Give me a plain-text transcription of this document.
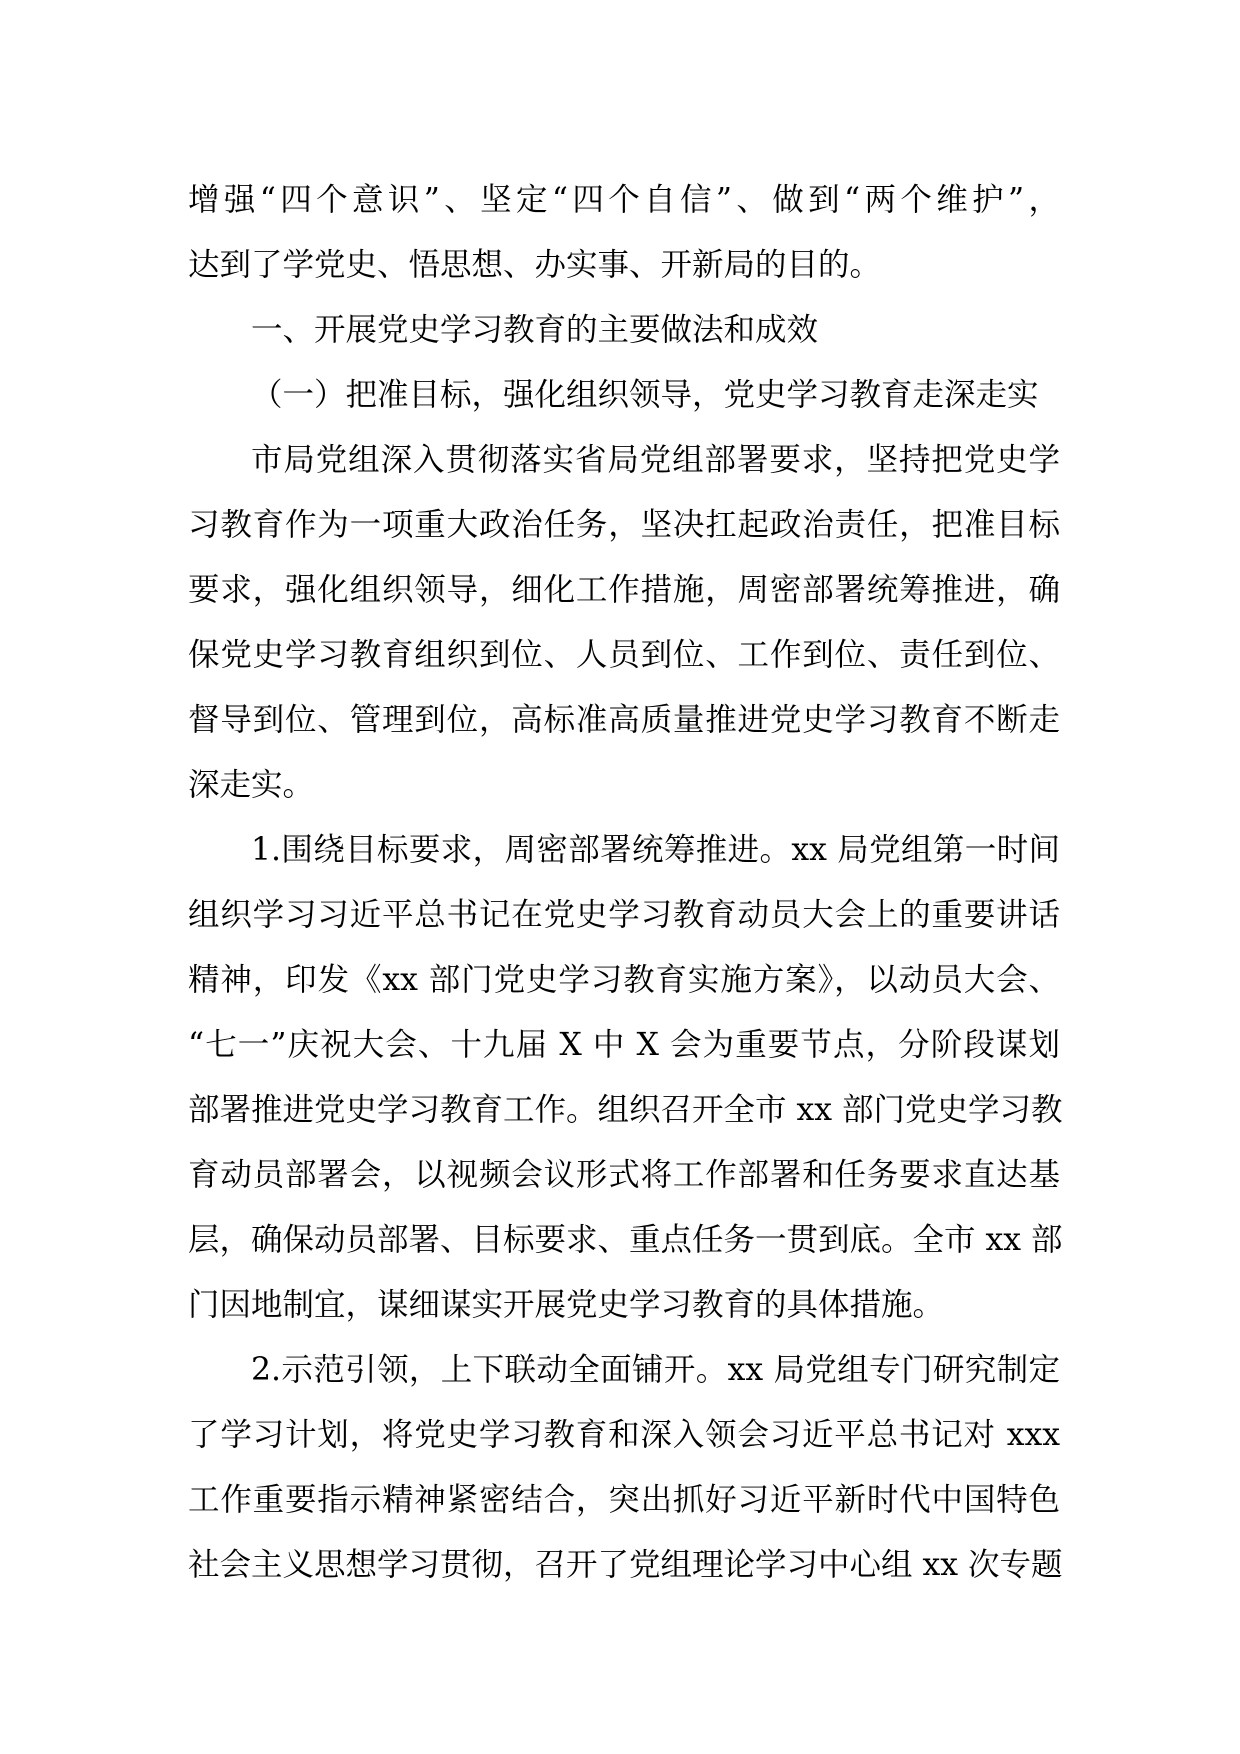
增强“四个意识”、坚定“四个自信”、做到“两个维护”，
达到了学党史、悟思想、办实事、开新局的目的。
一、开展党史学习教育的主要做法和成效
（一）把准目标，强化组织领导，党史学习教育走深走实
市局党组深入贯彻落实省局党组部署要求，坚持把党史学
习教育作为一项重大政治任务，坚决扛起政治责任，把准目标
要求，强化组织领导，细化工作措施，周密部署统筹推进，确
保党史学习教育组织到位、人员到位、工作到位、责任到位、
督导到位、管理到位，高标准高质量推进党史学习教育不断走
深走实。
1.围绕目标要求，周密部署统筹推进。xx 局党组第一时间
组织学习习近平总书记在党史学习教育动员大会上的重要讲话
精神，印发《xx 部门党史学习教育实施方案》，以动员大会、
“七一”庆祝大会、十九届 X 中 X 会为重要节点，分阶段谋划
部署推进党史学习教育工作。组织召开全市 xx 部门党史学习教
育动员部署会，以视频会议形式将工作部署和任务要求直达基
层，确保动员部署、目标要求、重点任务一贯到底。全市 xx 部
门因地制宜，谋细谋实开展党史学习教育的具体措施。
2.示范引领，上下联动全面铺开。xx 局党组专门研究制定
了学习计划，将党史学习教育和深入领会习近平总书记对 xxx
工作重要指示精神紧密结合，突出抓好习近平新时代中国特色
社会主义思想学习贯彻，召开了党组理论学习中心组 xx 次专题
